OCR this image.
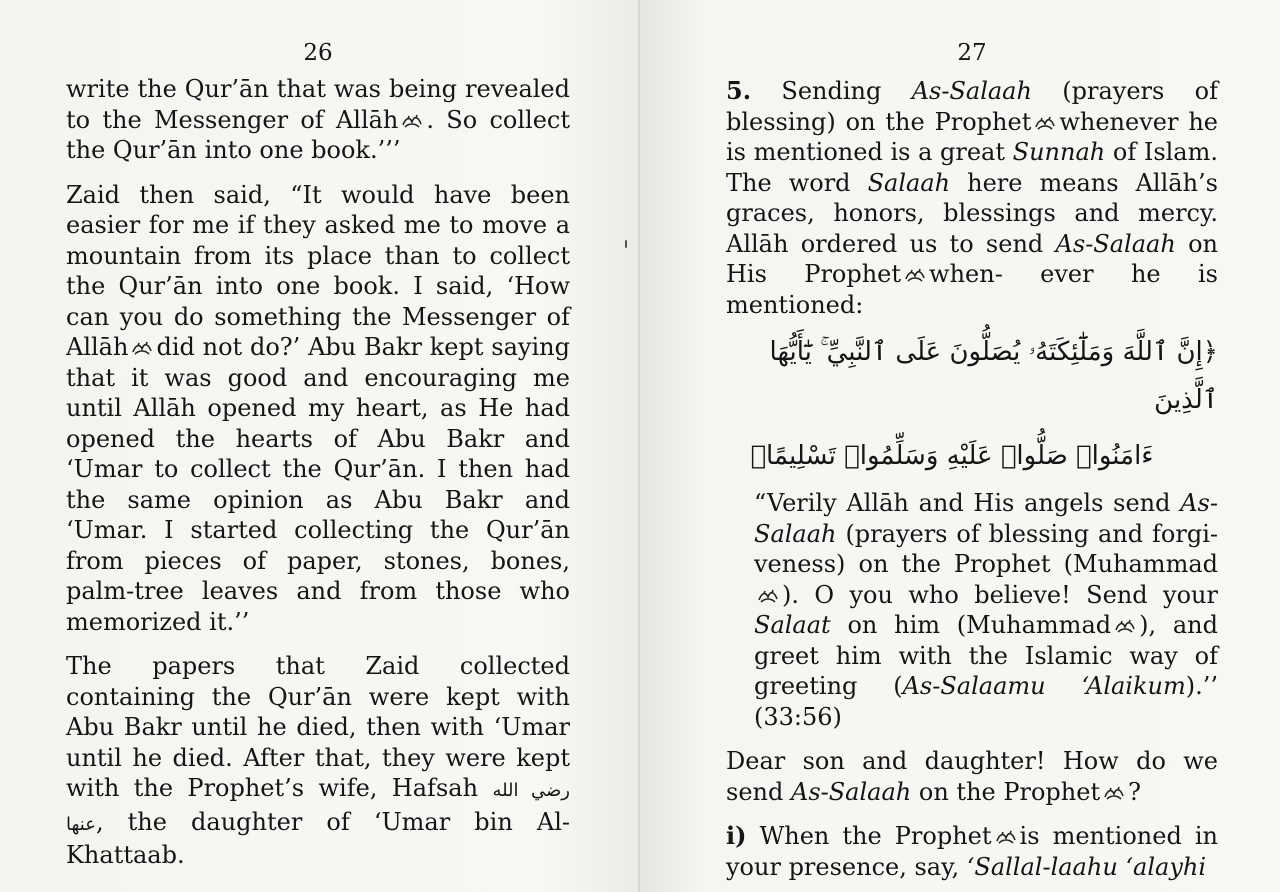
26

write the Qur’ān that was being revealed to the Messenger of Allāh . So collect the Qur’ān into one book.’’’

Zaid then said, “It would have been easier for me if they asked me to move a mountain from its place than to collect the Qur’ān into one book. I said, ‘How can you do something the Messenger of Allāh did not do?’ Abu Bakr kept saying that it was good and encouraging me until Allāh opened my heart, as He had opened the hearts of Abu Bakr and ‘Umar to collect the Qur’ān. I then had the same opinion as Abu Bakr and ‘Umar. I started collecting the Qur’ān from pieces of paper, stones, bones, palm-tree leaves and from those who memorized it.’’

The papers that Zaid collected containing the Qur’ān were kept with Abu Bakr until he died, then with ‘Umar until he died. After that, they were kept with the Prophet’s wife, Hafsah رضي الله عنها, the daughter of ‘Umar bin Al-Khattaab.

27

5. Sending As-Salaah (prayers of blessing) on the Prophet whenever he is mentioned is a great Sunnah of Islam. The word Salaah here means Allāh’s graces, honors, blessings and mercy. Allāh ordered us to send As-Salaah on His Prophet when- ever he is mentioned:

﴿إِنَّ ٱللَّهَ وَمَلَٰٓئِكَتَهُۥ يُصَلُّونَ عَلَى ٱلنَّبِيِّ ۚ يَٰٓأَيُّهَا ٱلَّذِينَ
ءَامَنُوا۟ صَلُّوا۟ عَلَيْهِ وَسَلِّمُوا۟ تَسْلِيمًا﴾

“Verily Allāh and His angels send As-Salaah (prayers of blessing and forgi- veness) on the Prophet (Muhammad
). O you who believe! Send your Salaat on him (Muhammad ), and greet him with the Islamic way of greeting (As-Salaamu ‘Alaikum).’’ (33:56)

Dear son and daughter! How do we send As-Salaah on the Prophet ?

i) When the Prophet is mentioned in your presence, say, ‘Sallal-laahu ‘alayhi
